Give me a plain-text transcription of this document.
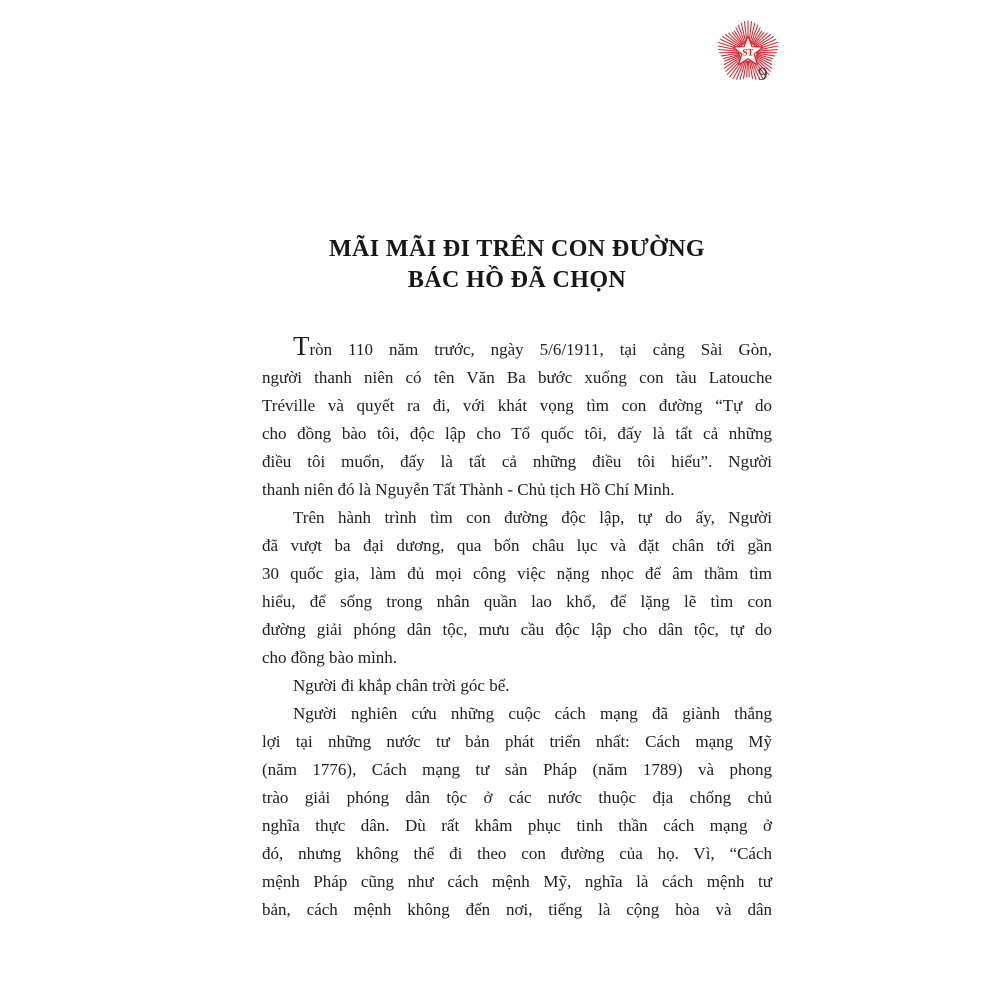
ST
9
MÃI MÃI ĐI TRÊN CON ĐƯỜNG
BÁC HỒ ĐÃ CHỌN
Tròn 110 năm trước, ngày 5/6/1911, tại cảng Sài Gòn,
người thanh niên có tên Văn Ba bước xuống con tàu Latouche
Tréville và quyết ra đi, với khát vọng tìm con đường “Tự do
cho đồng bào tôi, độc lập cho Tổ quốc tôi, đấy là tất cả những
điều tôi muốn, đấy là tất cả những điều tôi hiểu”. Người
thanh niên đó là Nguyễn Tất Thành - Chủ tịch Hồ Chí Minh.
Trên hành trình tìm con đường độc lập, tự do ấy, Người
đã vượt ba đại dương, qua bốn châu lục và đặt chân tới gần
30 quốc gia, làm đủ mọi công việc nặng nhọc để âm thầm tìm
hiểu, để sống trong nhân quần lao khổ, để lặng lẽ tìm con
đường giải phóng dân tộc, mưu cầu độc lập cho dân tộc, tự do
cho đồng bào mình.
Người đi khắp chân trời góc bể.
Người nghiên cứu những cuộc cách mạng đã giành thắng
lợi tại những nước tư bản phát triển nhất: Cách mạng Mỹ
(năm 1776), Cách mạng tư sản Pháp (năm 1789) và phong
trào giải phóng dân tộc ở các nước thuộc địa chống chủ
nghĩa thực dân. Dù rất khâm phục tinh thần cách mạng ở
đó, nhưng không thể đi theo con đường của họ. Vì, “Cách
mệnh Pháp cũng như cách mệnh Mỹ, nghĩa là cách mệnh tư
bản, cách mệnh không đến nơi, tiếng là cộng hòa và dân
